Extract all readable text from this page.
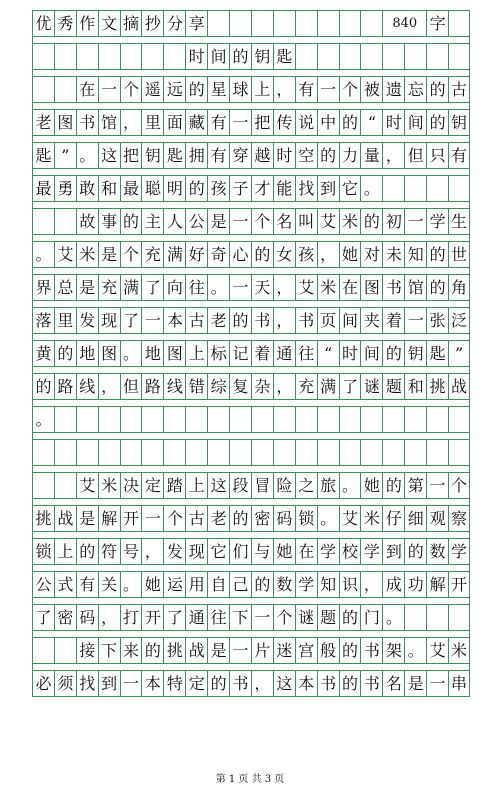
优 秀 作 文 摘 抄 分 享	840 字
时 间 的 钥 匙
在 一 个 遥 远 的 星 球 上 ， 有 一 个 被 遗 忘 的 古
老 图 书 馆 ， 里 面 藏 有 一 把 传 说 中 的 “ 时 间 的 钥
匙 ” 。 这 把 钥 匙 拥 有 穿 越 时 空 的 力 量 ， 但 只 有
最 勇 敢 和 最 聪 明 的 孩 子 才 能 找 到 它 。
故 事 的 主 人 公 是 一 个 名 叫 艾 米 的 初 一 学 生
。 艾 米 是 个 充 满 好 奇 心 的 女 孩 ， 她 对 未 知 的 世
界 总 是 充 满 了 向 往 。 一 天 ， 艾 米 在 图 书 馆 的 角
落 里 发 现 了 一 本 古 老 的 书 ， 书 页 间 夹 着 一 张 泛
黄 的 地 图 。 地 图 上 标 记 着 通 往 “ 时 间 的 钥 匙 ”
的 路 线 ， 但 路 线 错 综 复 杂 ， 充 满 了 谜 题 和 挑 战
。
艾 米 决 定 踏 上 这 段 冒 险 之 旅 。 她 的 第 一 个
挑 战 是 解 开 一 个 古 老 的 密 码 锁 。 艾 米 仔 细 观 察
锁 上 的 符 号 ， 发 现 它 们 与 她 在 学 校 学 到 的 数 学
公 式 有 关 。 她 运 用 自 己 的 数 学 知 识 ， 成 功 解 开
了 密 码 ， 打 开 了 通 往 下 一 个 谜 题 的 门 。
接 下 来 的 挑 战 是 一 片 迷 宫 般 的 书 架 。 艾 米
必 须 找 到 一 本 特 定 的 书 ， 这 本 书 的 书 名 是 一 串
第 1 页 共 3 页
